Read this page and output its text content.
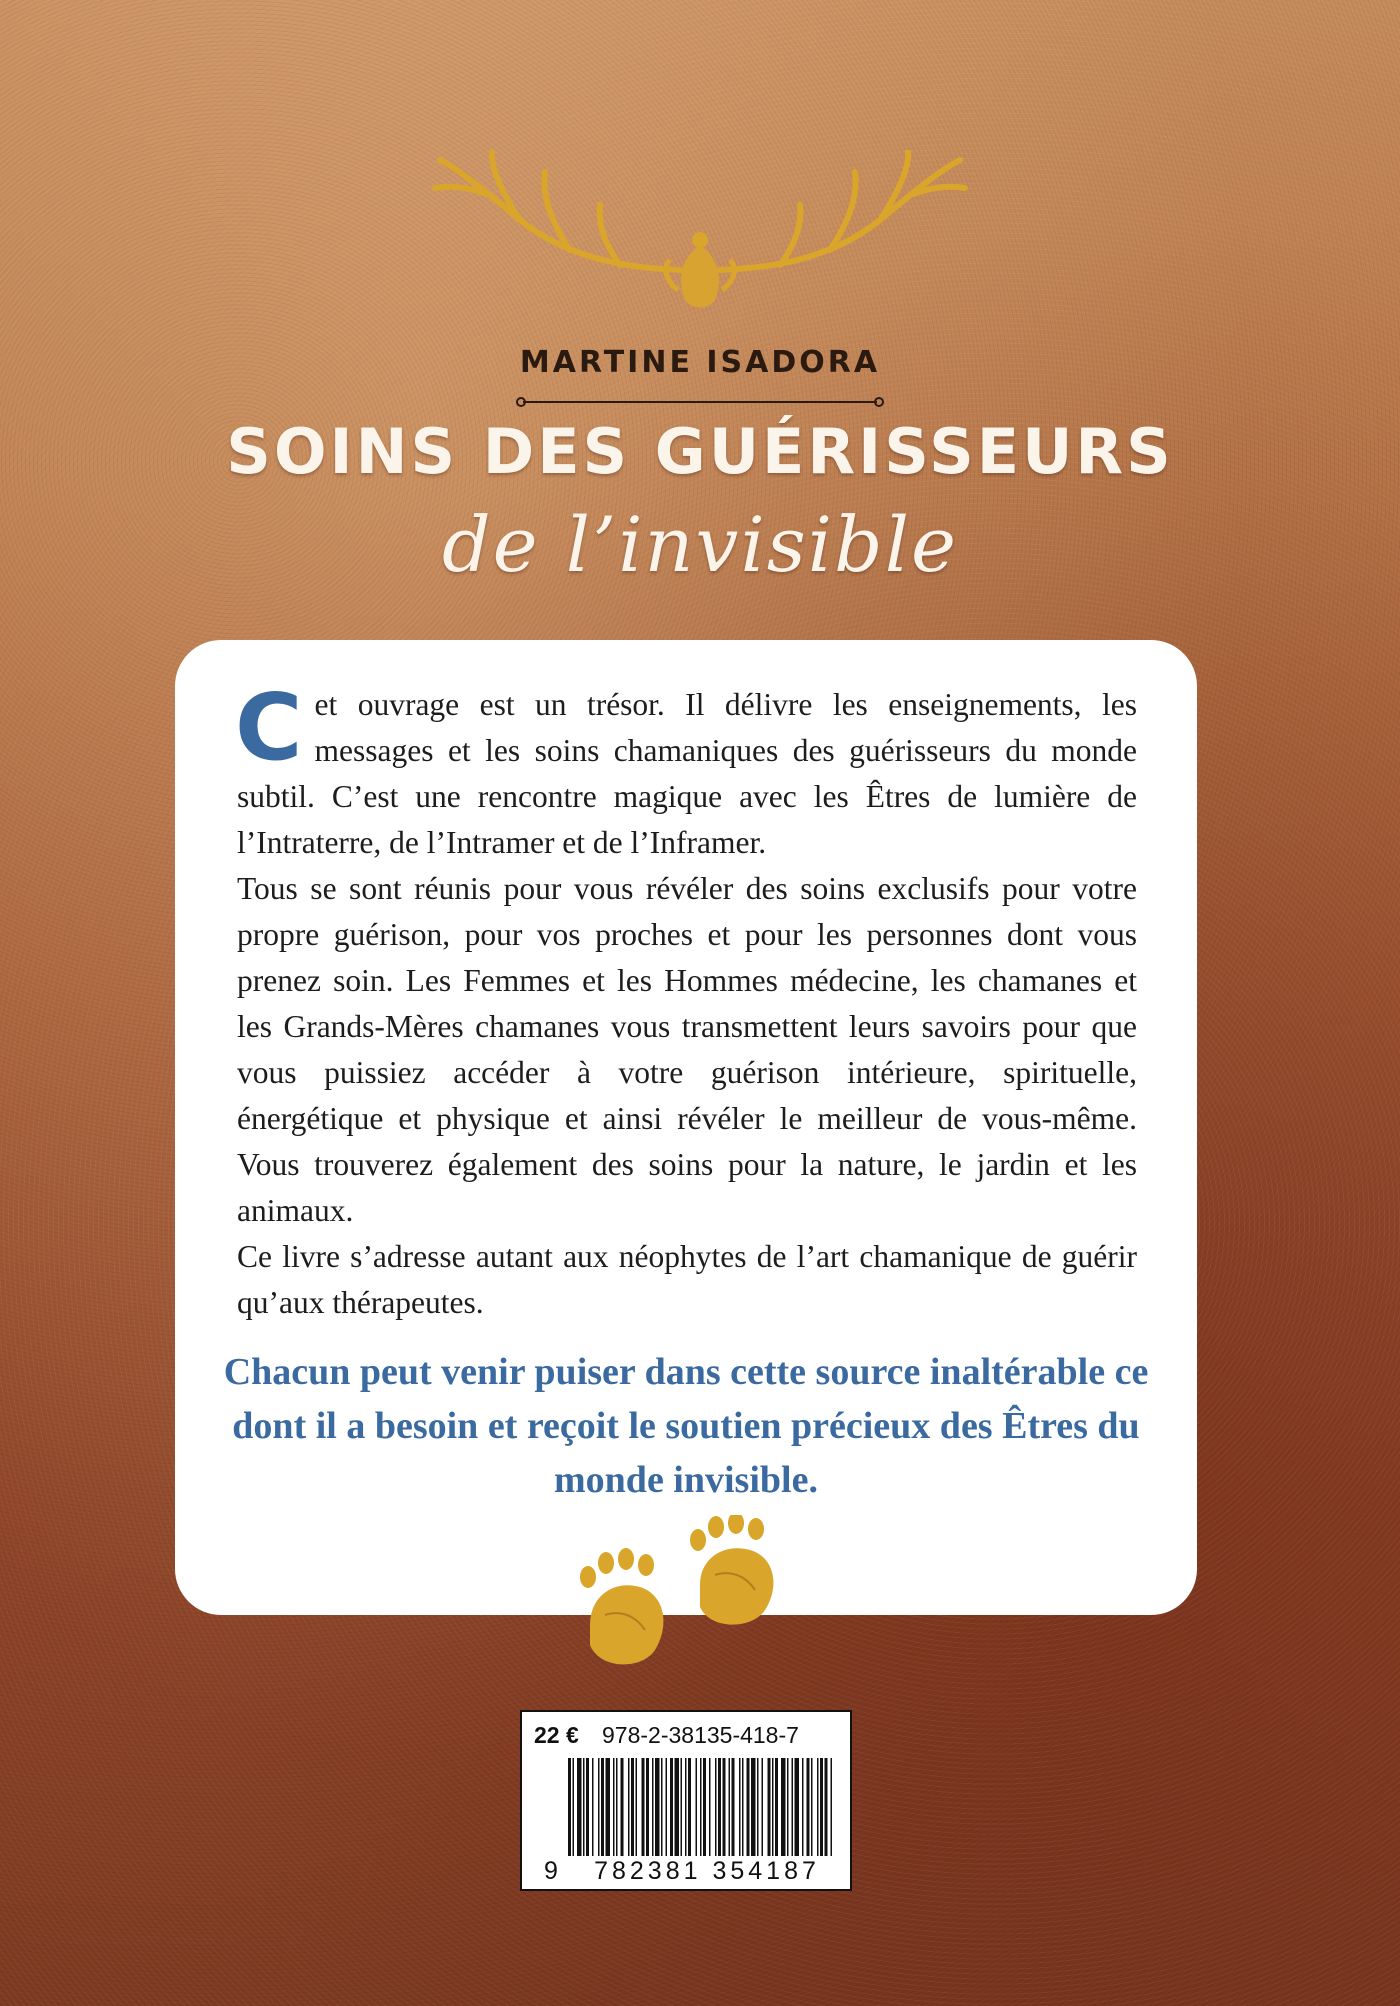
MARTINE ISADORA
SOINS DES GUÉRISSEURS
de l’invisible

Cet ouvrage est un trésor. Il délivre les enseignements, les messages et les soins chamaniques des guérisseurs du monde subtil. C’est une rencontre magique avec les Êtres de lumière de l’Intraterre, de l’Intramer et de l’Inframer.

Tous se sont réunis pour vous révéler des soins exclusifs pour votre propre guérison, pour vos proches et pour les personnes dont vous prenez soin. Les Femmes et les Hommes médecine, les chamanes et les Grands-Mères chamanes vous transmettent leurs savoirs pour que vous puissiez accéder à votre guérison intérieure, spirituelle, énergétique et physique et ainsi révéler le meilleur de vous-même. Vous trouverez également des soins pour la nature, le jardin et les animaux.

Ce livre s’adresse autant aux néophytes de l’art chamanique de guérir qu’aux thérapeutes.

Chacun peut venir puiser dans cette source inaltérable ce dont il a besoin et reçoit le soutien précieux des Êtres du monde invisible.
22 € 978-2-38135-418-7
9	782381 354187
